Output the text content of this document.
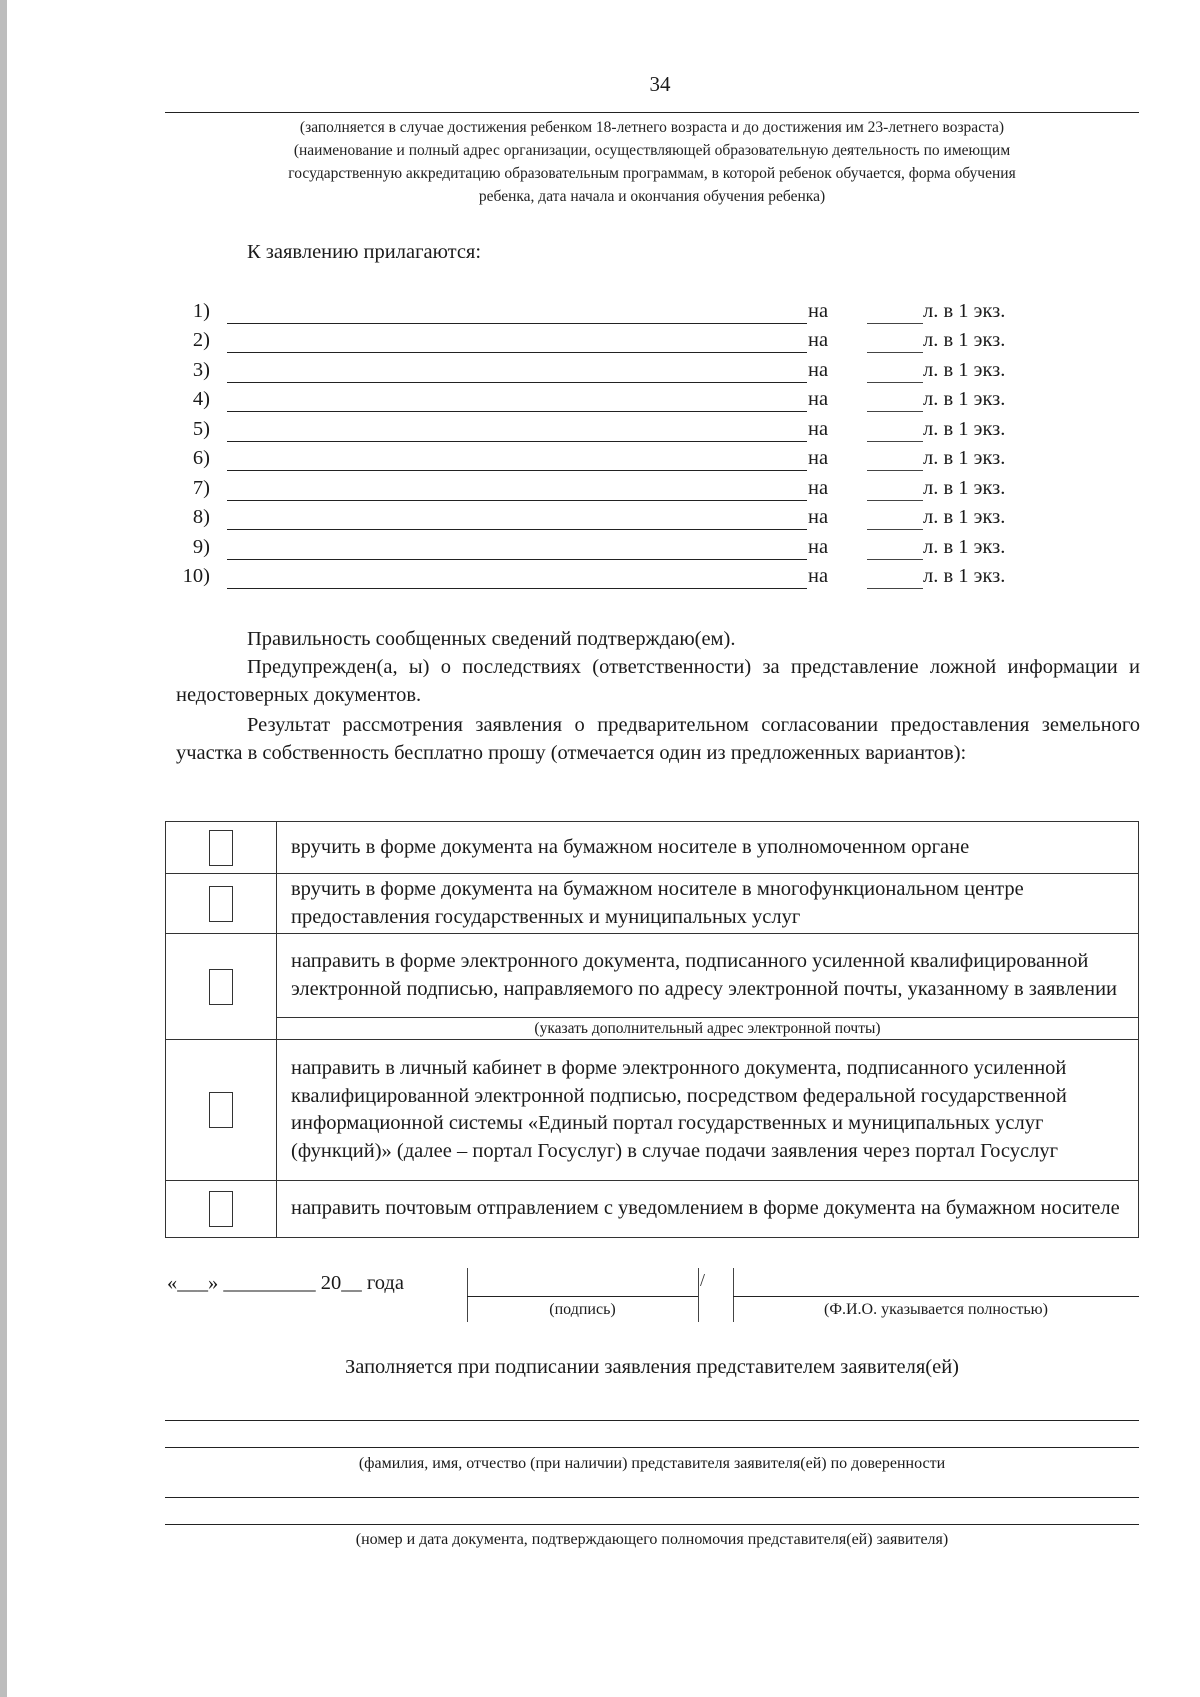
34
(заполняется в случае достижения ребенком 18-летнего возраста и до достижения им 23-летнего возраста)
(наименование и полный адрес организации, осуществляющей образовательную деятельность по имеющим
государственную аккредитацию образовательным программам, в которой ребенок обучается, форма обучения
ребенка, дата начала и окончания обучения ребенка)
К заявлению прилагаются:
1)	на	л. в 1 экз.
2)	на	л. в 1 экз.
3)	на	л. в 1 экз.
4)	на	л. в 1 экз.
5)	на	л. в 1 экз.
6)	на	л. в 1 экз.
7)	на	л. в 1 экз.
8)	на	л. в 1 экз.
9)	на	л. в 1 экз.
10)	на	л. в 1 экз.
Правильность сообщенных сведений подтверждаю(ем).
Предупрежден(а, ы) о последствиях (ответственности) за представление ложной информации и недостоверных документов.
Результат рассмотрения заявления о предварительном согласовании предоставления земельного участка в собственность бесплатно прошу (отмечается один из предложенных вариантов):
	вручить в форме документа на бумажном носителе в уполномоченном органе
	вручить в форме документа на бумажном носителе в многофункциональном центре предоставления государственных и муниципальных услуг
	направить в форме электронного документа, подписанного усиленной квалифицированной электронной подписью, направляемого по адресу электронной почты, указанному в заявлении
	(указать дополнительный адрес электронной почты)
	направить в личный кабинет в форме электронного документа, подписанного усиленной квалифицированной электронной подписью, посредством федеральной государственной информационной системы «Единый портал государственных и муниципальных услуг (функций)» (далее – портал Госуслуг) в случае подачи заявления через портал Госуслуг
	направить почтовым отправлением с уведомлением в форме документа на бумажном носителе
«___» _________ 20__ года	/
(подпись)	(Ф.И.О. указывается полностью)
Заполняется при подписании заявления представителем заявителя(ей)
(фамилия, имя, отчество (при наличии) представителя заявителя(ей) по доверенности
(номер и дата документа, подтверждающего полномочия представителя(ей) заявителя)
